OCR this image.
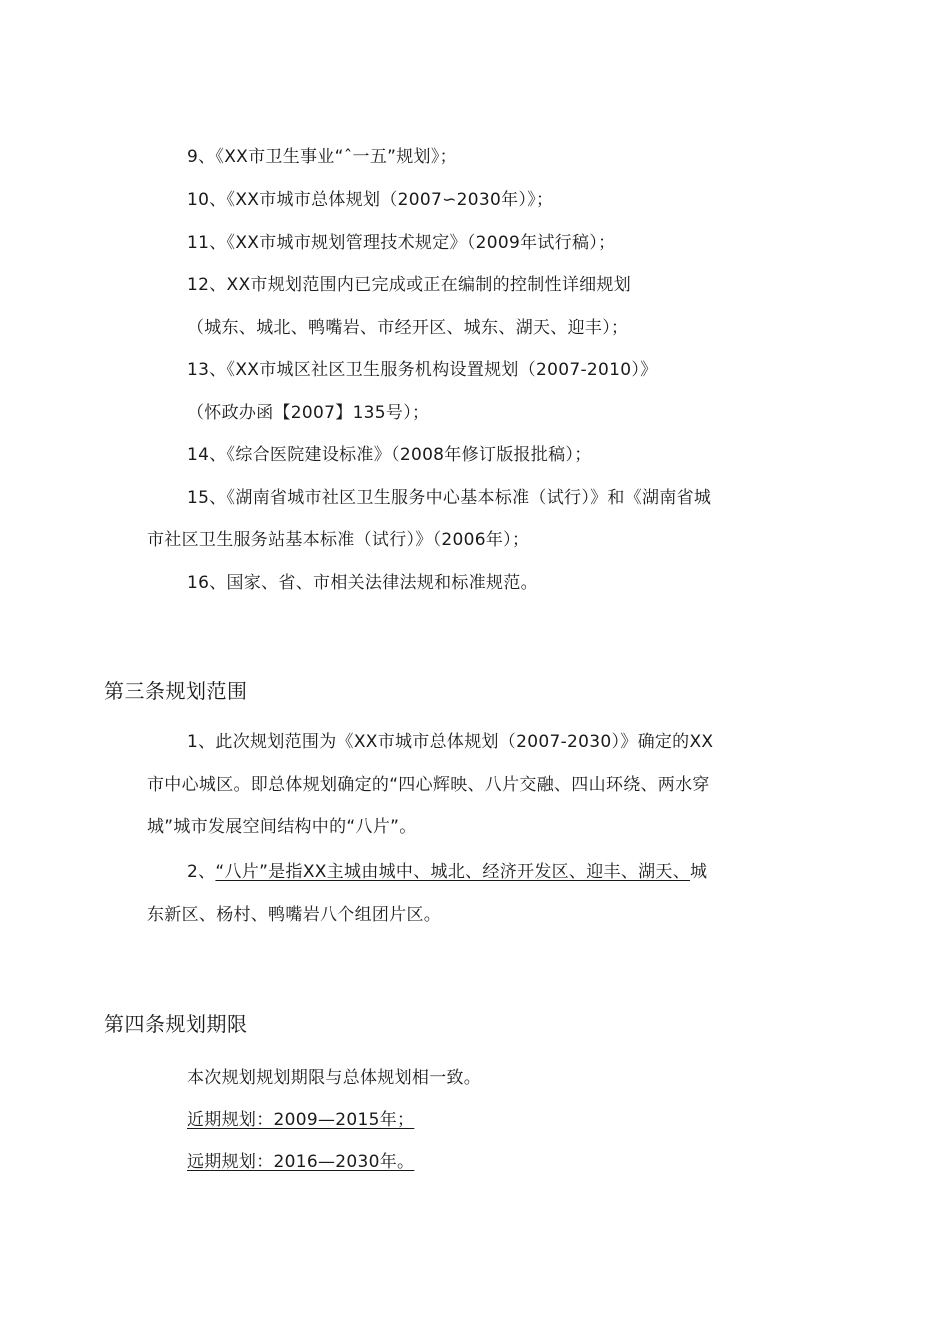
9、《XX市卫生事业“ˆ一五”规划》；
10、《XX市城市总体规划（2007∽2030年）》；
11、《XX市城市规划管理技术规定》（2009年试行稿）；
12、XX市规划范围内已完成或正在编制的控制性详细规划
（城东、城北、鸭嘴岩、市经开区、城东、湖天、迎丰）；
13、《XX市城区社区卫生服务机构设置规划（2007-2010）》
（怀政办函【2007】135号）；
14、《综合医院建设标准》（2008年修订版报批稿）；
15、《湖南省城市社区卫生服务中心基本标准（试行）》和《湖南省城
市社区卫生服务站基本标准（试行）》（2006年）；
16、国家、省、市相关法律法规和标准规范。
第三条规划范围
1、此次规划范围为《XX市城市总体规划（2007-2030）》确定的XX
市中心城区。即总体规划确定的“四心辉映、八片交融、四山环绕、两水穿
城”城市发展空间结构中的“八片”。
2、“八片”是指XX主城由城中、城北、经济开发区、迎丰、湖天、城
东新区、杨村、鸭嘴岩八个组团片区。
第四条规划期限
本次规划规划期限与总体规划相一致。
近期规划：2009—2015年；
远期规划：2016—2030年。
